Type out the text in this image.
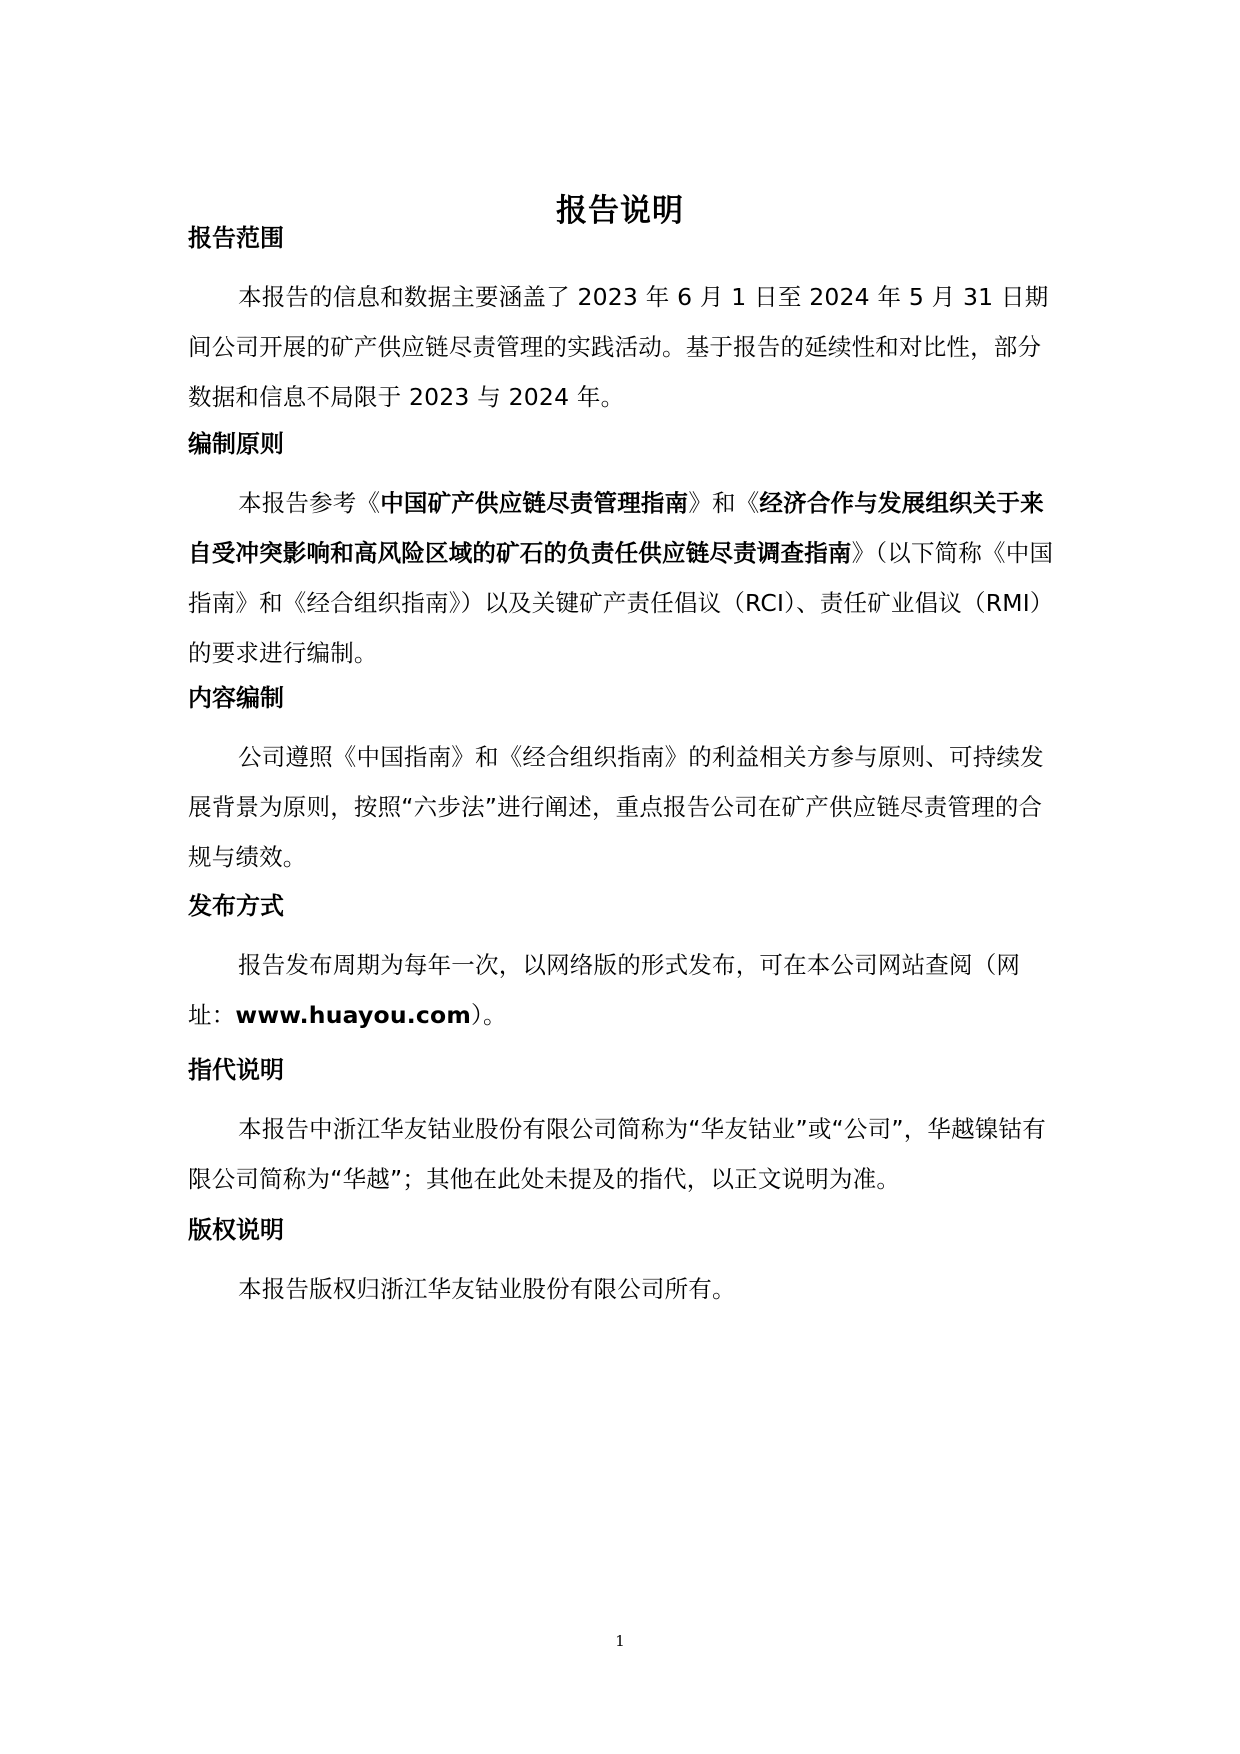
报告说明
报告范围

本报告的信息和数据主要涵盖了 2023 年 6 月 1 日至 2024 年 5 月 31 日期间公司开展的矿产供应链尽责管理的实践活动。基于报告的延续性和对比性，部分数据和信息不局限于 2023 与 2024 年。

编制原则

本报告参考《中国矿产供应链尽责管理指南》和《经济合作与发展组织关于来自受冲突影响和高风险区域的矿石的负责任供应链尽责调查指南》（以下简称《中国指南》和《经合组织指南》）以及关键矿产责任倡议（RCI）、责任矿业倡议（RMI）的要求进行编制。

内容编制

公司遵照《中国指南》和《经合组织指南》的利益相关方参与原则、可持续发展背景为原则，按照“六步法”进行阐述，重点报告公司在矿产供应链尽责管理的合规与绩效。

发布方式

报告发布周期为每年一次，以网络版的形式发布，可在本公司网站查阅（网址：www.huayou.com）。

指代说明

本报告中浙江华友钴业股份有限公司简称为“华友钴业”或“公司”，华越镍钴有限公司简称为“华越”；其他在此处未提及的指代，以正文说明为准。

版权说明

本报告版权归浙江华友钴业股份有限公司所有。

1
